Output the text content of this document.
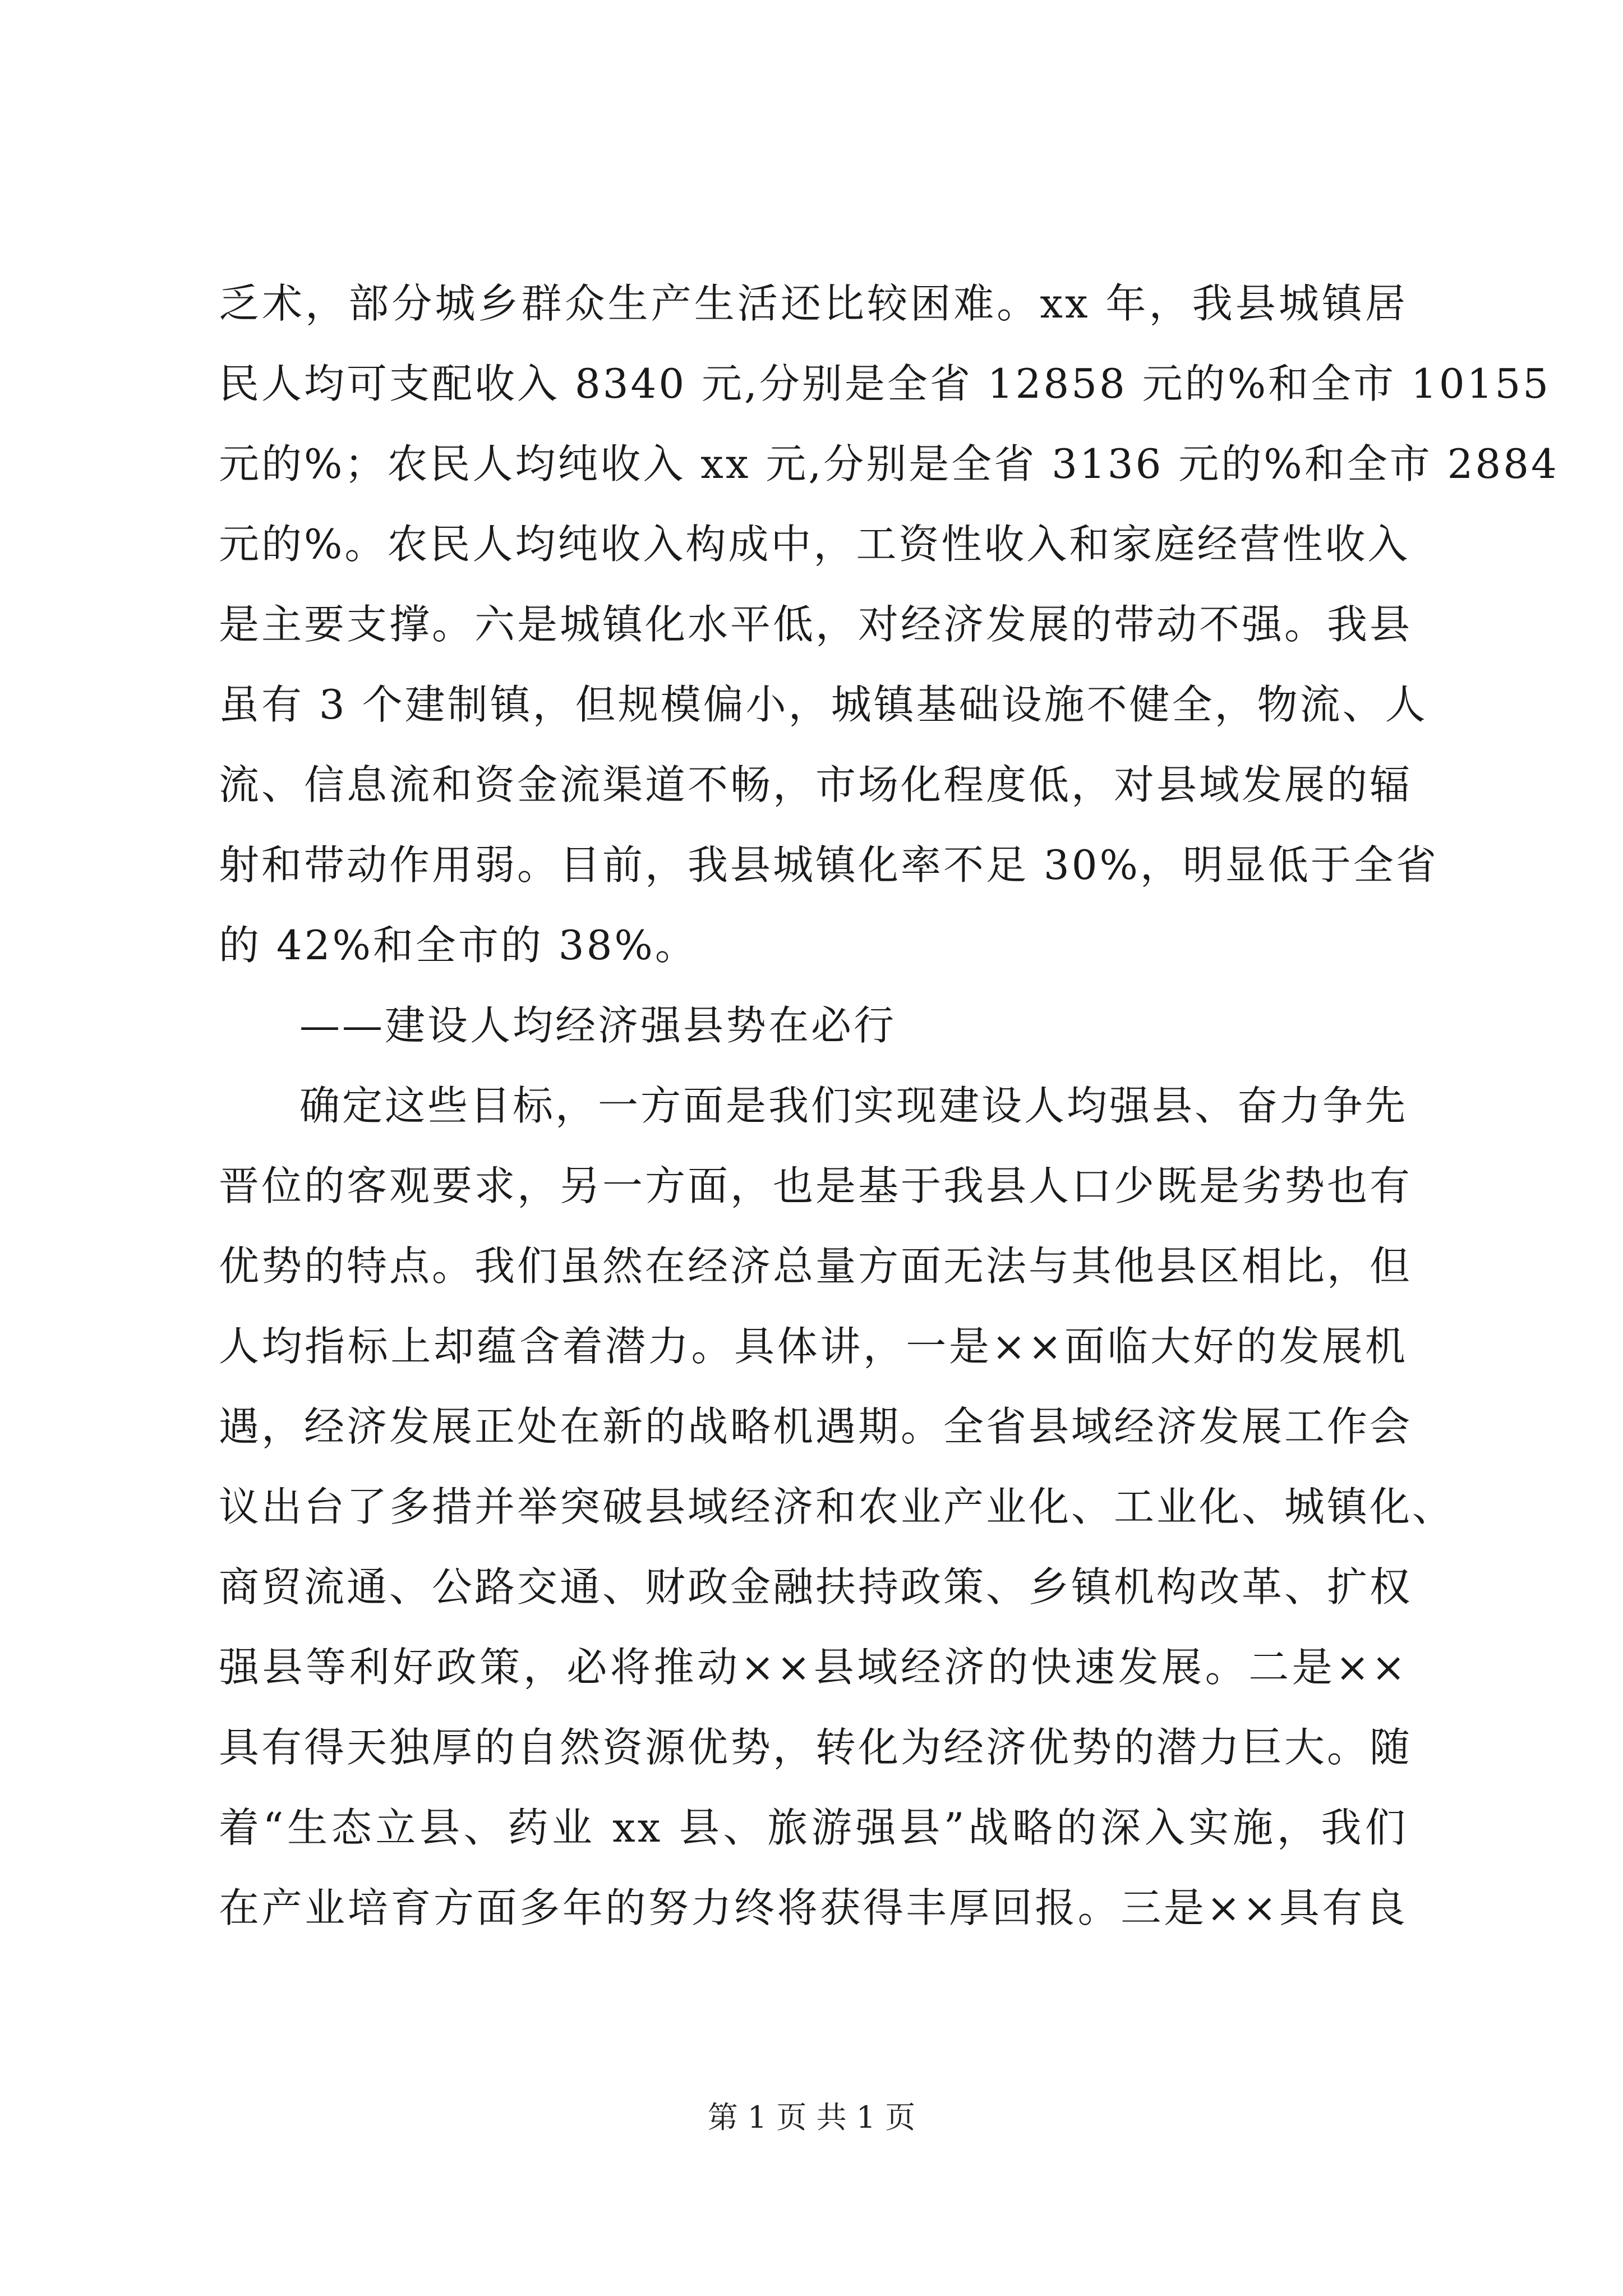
乏术，部分城乡群众生产生活还比较困难。xx 年，我县城镇居
民人均可支配收入 8340 元,分别是全省 12858 元的%和全市 10155
元的%；农民人均纯收入 xx 元,分别是全省 3136 元的%和全市 2884
元的%。农民人均纯收入构成中，工资性收入和家庭经营性收入
是主要支撑。六是城镇化水平低，对经济发展的带动不强。我县
虽有 3 个建制镇，但规模偏小，城镇基础设施不健全，物流、人
流、信息流和资金流渠道不畅，市场化程度低，对县域发展的辐
射和带动作用弱。目前，我县城镇化率不足 30%，明显低于全省
的 42%和全市的 38%。
——建设人均经济强县势在必行
确定这些目标，一方面是我们实现建设人均强县、奋力争先
晋位的客观要求，另一方面，也是基于我县人口少既是劣势也有
优势的特点。我们虽然在经济总量方面无法与其他县区相比，但
人均指标上却蕴含着潜力。具体讲，一是××面临大好的发展机
遇，经济发展正处在新的战略机遇期。全省县域经济发展工作会
议出台了多措并举突破县域经济和农业产业化、工业化、城镇化、
商贸流通、公路交通、财政金融扶持政策、乡镇机构改革、扩权
强县等利好政策，必将推动××县域经济的快速发展。二是××
具有得天独厚的自然资源优势，转化为经济优势的潜力巨大。随
着“生态立县、药业 xx 县、旅游强县”战略的深入实施，我们
在产业培育方面多年的努力终将获得丰厚回报。三是××具有良
第 1 页 共 1 页
